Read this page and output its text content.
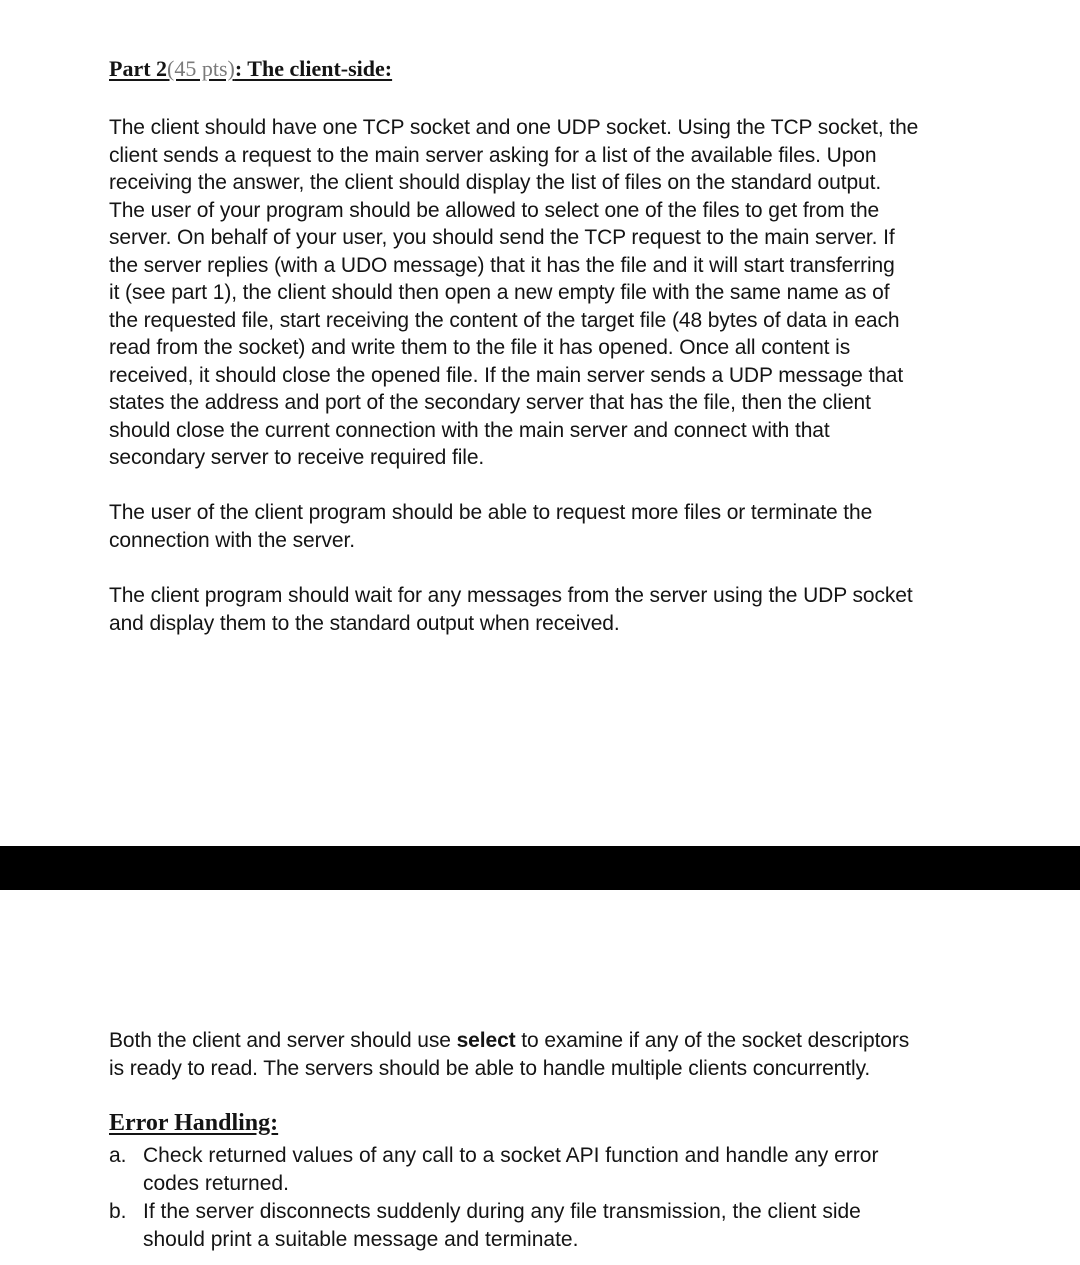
Part 2(45 pts): The client-side:

The client should have one TCP socket and one UDP socket. Using the TCP socket, the
client sends a request to the main server asking for a list of the available files. Upon
receiving the answer, the client should display the list of files on the standard output.
The user of your program should be allowed to select one of the files to get from the
server. On behalf of your user, you should send the TCP request to the main server. If
the server replies (with a UDO message) that it has the file and it will start transferring
it (see part 1), the client should then open a new empty file with the same name as of
the requested file, start receiving the content of the target file (48 bytes of data in each
read from the socket) and write them to the file it has opened. Once all content is
received, it should close the opened file. If the main server sends a UDP message that
states the address and port of the secondary server that has the file, then the client
should close the current connection with the main server and connect with that
secondary server to receive required file.

The user of the client program should be able to request more files or terminate the
connection with the server.

The client program should wait for any messages from the server using the UDP socket
and display them to the standard output when received.

Both the client and server should use select to examine if any of the socket descriptors
is ready to read. The servers should be able to handle multiple clients concurrently.

Error Handling:
a. Check returned values of any call to a socket API function and handle any error
codes returned.
b. If the server disconnects suddenly during any file transmission, the client side
should print a suitable message and terminate.
